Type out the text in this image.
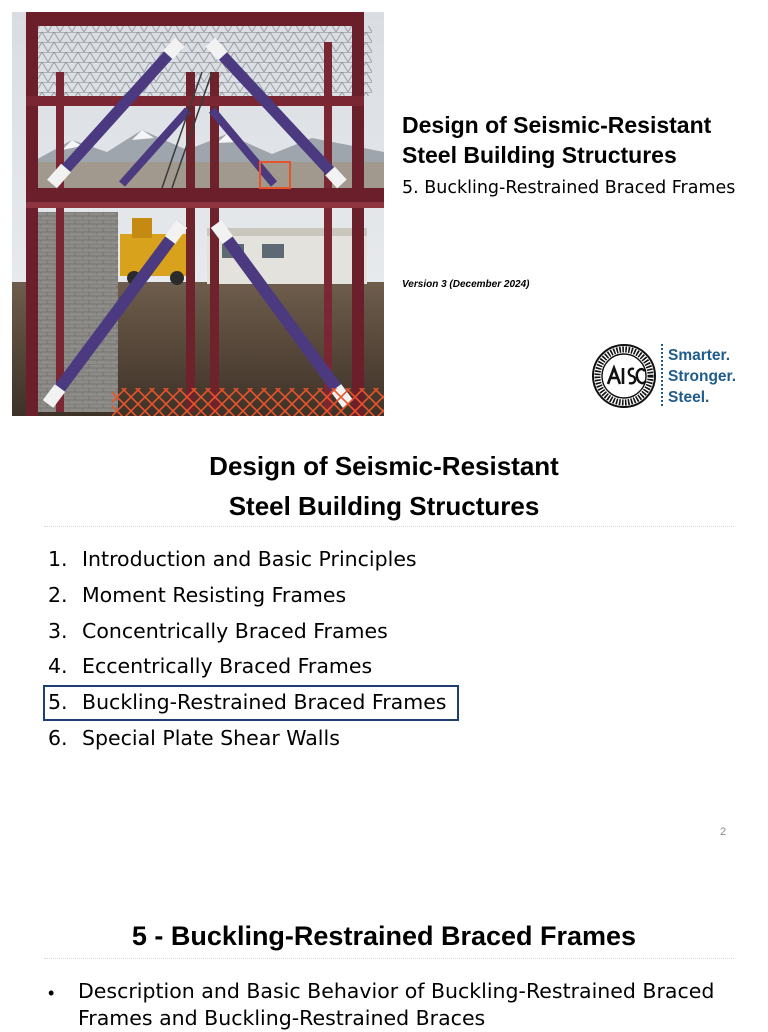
Design of Seismic-Resistant
Steel Building Structures
5. Buckling-Restrained Braced Frames
Version 3 (December 2024)
Smarter.
Stronger.
Steel.
Design of Seismic-Resistant
Steel Building Structures
1. Introduction and Basic Principles
2. Moment Resisting Frames
3. Concentrically Braced Frames
4. Eccentrically Braced Frames
5. Buckling-Restrained Braced Frames
6. Special Plate Shear Walls
2
5 - Buckling-Restrained Braced Frames
• Description and Basic Behavior of Buckling-Restrained Braced Frames and Buckling-Restrained Braces
